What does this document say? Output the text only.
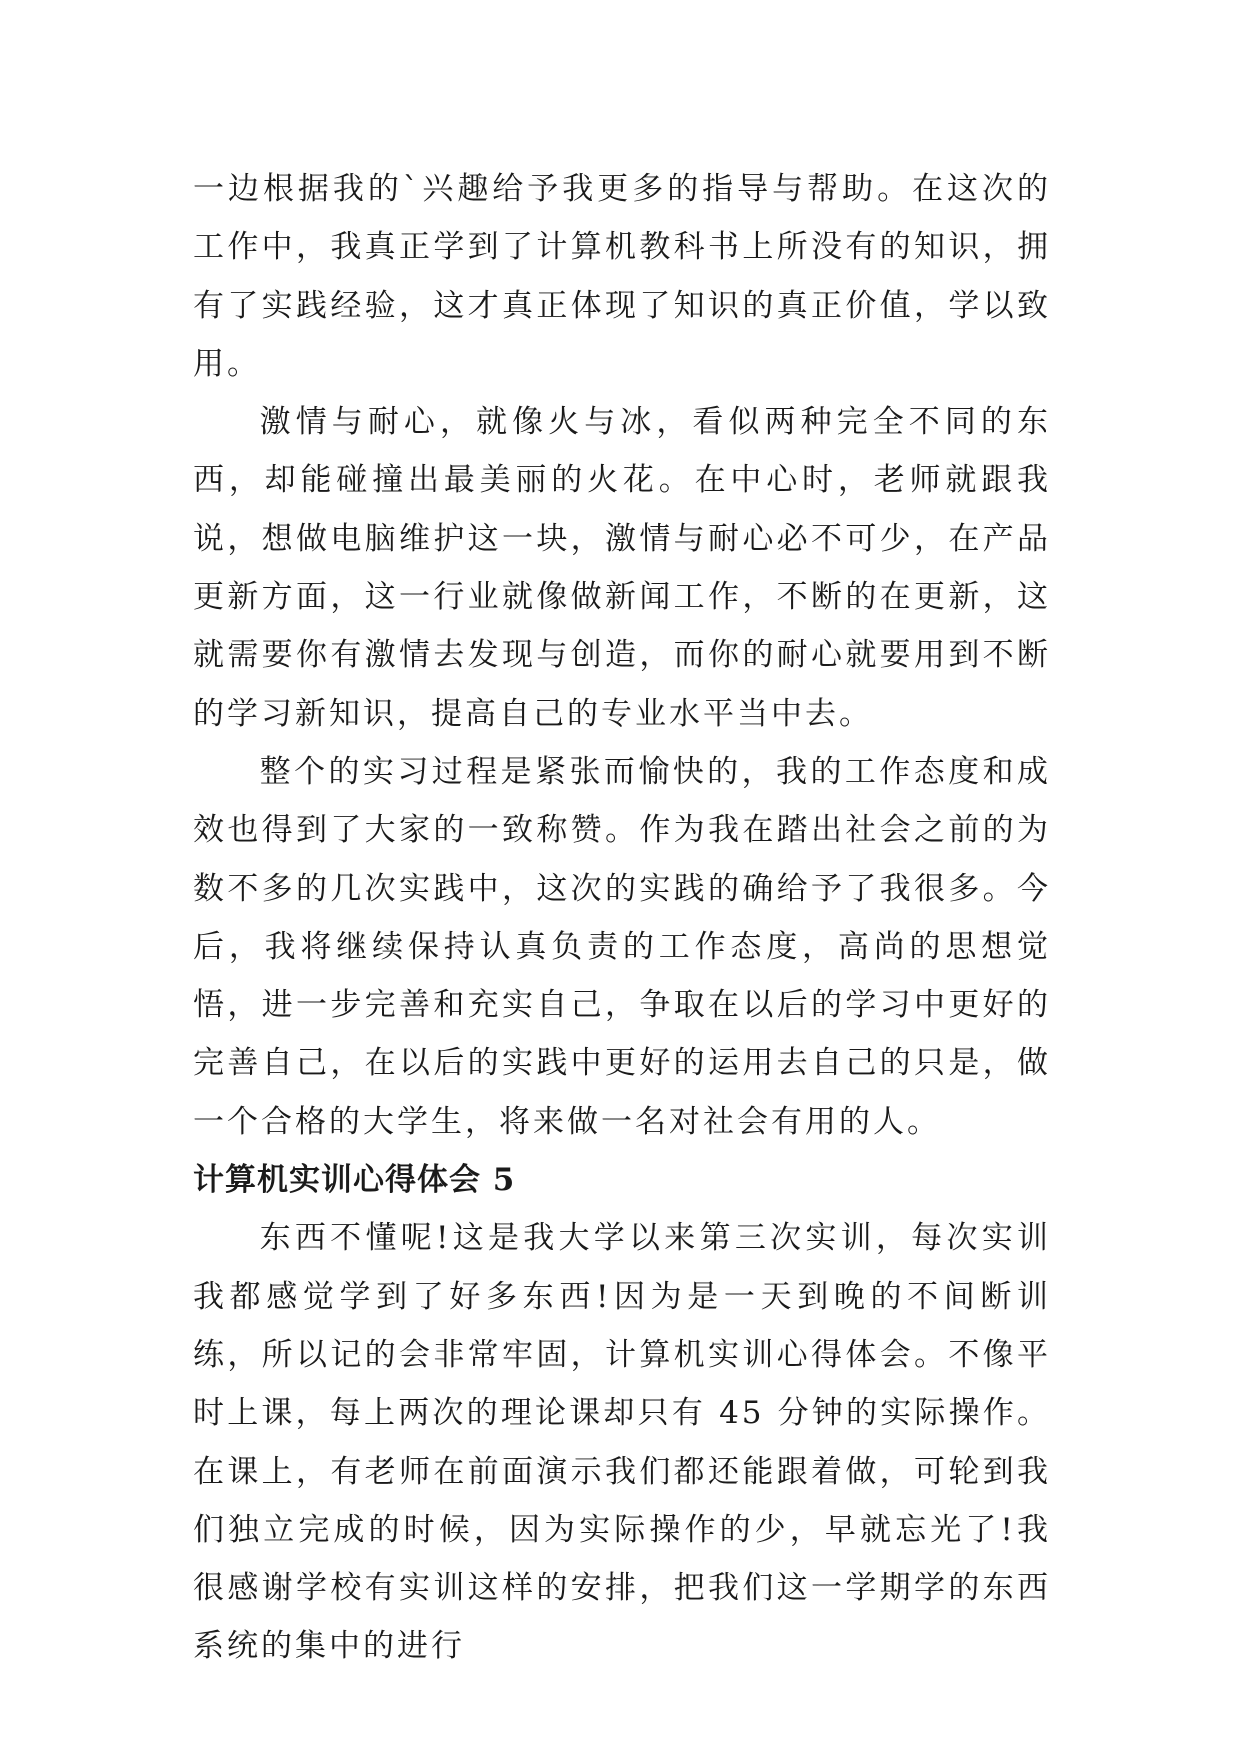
一边根据我的`兴趣给予我更多的指导与帮助。在这次的工作中，我真正学到了计算机教科书上所没有的知识，拥有了实践经验，这才真正体现了知识的真正价值，学以致用。

激情与耐心，就像火与冰，看似两种完全不同的东西，却能碰撞出最美丽的火花。在中心时，老师就跟我说，想做电脑维护这一块，激情与耐心必不可少，在产品更新方面，这一行业就像做新闻工作，不断的在更新，这就需要你有激情去发现与创造，而你的耐心就要用到不断的学习新知识，提高自己的专业水平当中去。

整个的实习过程是紧张而愉快的，我的工作态度和成效也得到了大家的一致称赞。作为我在踏出社会之前的为数不多的几次实践中，这次的实践的确给予了我很多。今后，我将继续保持认真负责的工作态度，高尚的思想觉悟，进一步完善和充实自己，争取在以后的学习中更好的完善自己，在以后的实践中更好的运用去自己的只是，做一个合格的大学生，将来做一名对社会有用的人。

计算机实训心得体会 5

东西不懂呢!这是我大学以来第三次实训，每次实训我都感觉学到了好多东西!因为是一天到晚的不间断训练，所以记的会非常牢固，计算机实训心得体会。不像平时上课，每上两次的理论课却只有 45 分钟的实际操作。在课上，有老师在前面演示我们都还能跟着做，可轮到我们独立完成的时候，因为实际操作的少，早就忘光了!我很感谢学校有实训这样的安排，把我们这一学期学的东西系统的集中的进行
